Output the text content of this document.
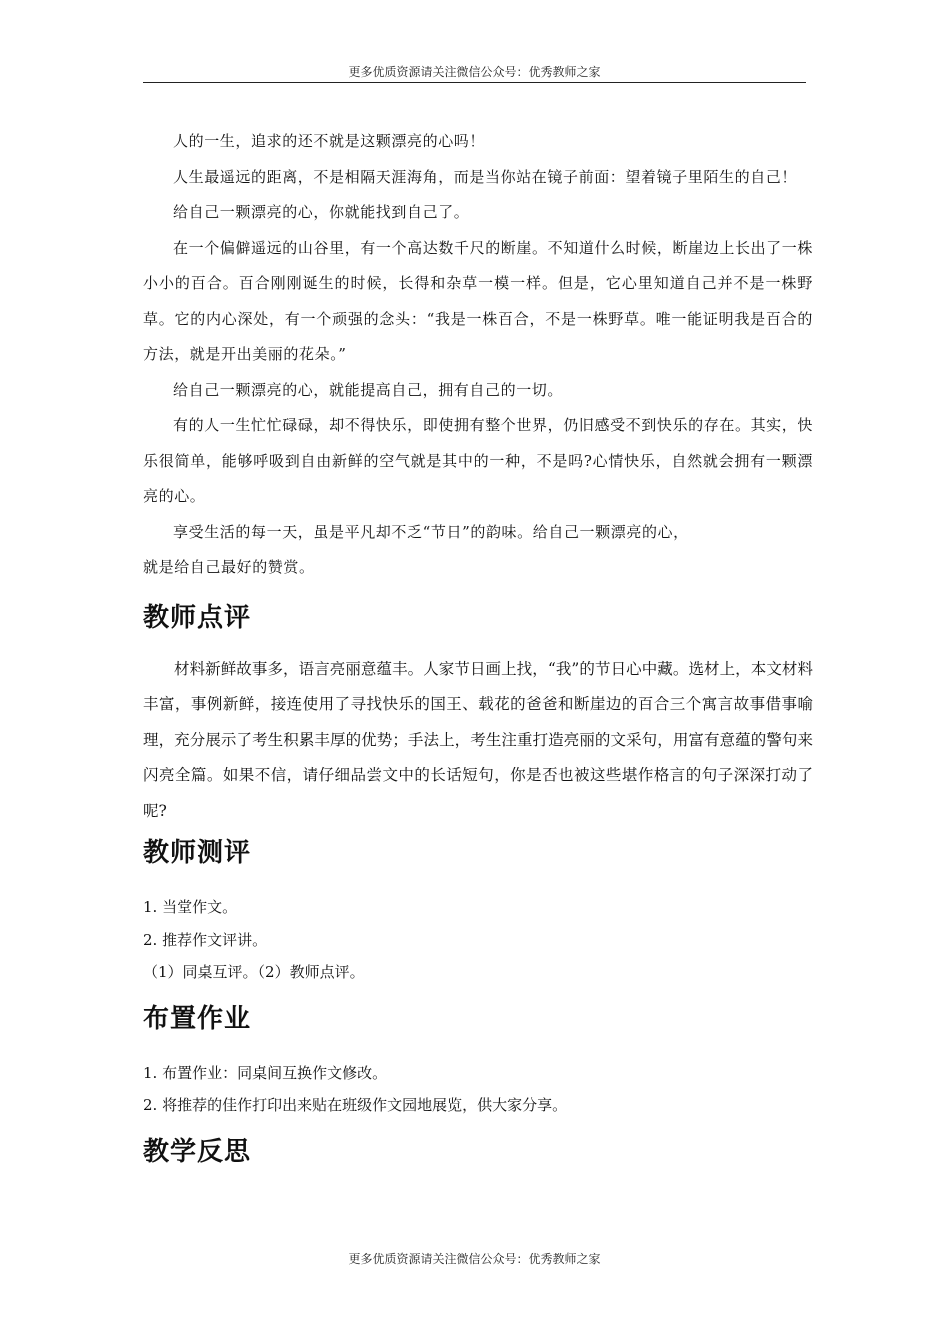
更多优质资源请关注微信公众号：优秀教师之家

人的一生，追求的还不就是这颗漂亮的心吗！

人生最遥远的距离，不是相隔天涯海角，而是当你站在镜子前面：望着镜子里陌生的自己！

给自己一颗漂亮的心，你就能找到自己了。

在一个偏僻遥远的山谷里，有一个高达数千尺的断崖。不知道什么时候，断崖边上长出了一株小小的百合。百合刚刚诞生的时候，长得和杂草一模一样。但是，它心里知道自己并不是一株野草。它的内心深处，有一个顽强的念头：“我是一株百合，不是一株野草。唯一能证明我是百合的方法，就是开出美丽的花朵。”

给自己一颗漂亮的心，就能提高自己，拥有自己的一切。

有的人一生忙忙碌碌，却不得快乐，即使拥有整个世界，仍旧感受不到快乐的存在。其实，快乐很简单，能够呼吸到自由新鲜的空气就是其中的一种，不是吗?心情快乐，自然就会拥有一颗漂亮的心。

享受生活的每一天，虽是平凡却不乏“节日”的韵味。给自己一颗漂亮的心，

就是给自己最好的赞赏。

教师点评

材料新鲜故事多，语言亮丽意蕴丰。人家节日画上找，“我”的节日心中藏。选材上，本文材料丰富，事例新鲜，接连使用了寻找快乐的国王、载花的爸爸和断崖边的百合三个寓言故事借事喻理，充分展示了考生积累丰厚的优势；手法上，考生注重打造亮丽的文采句，用富有意蕴的警句来闪亮全篇。如果不信，请仔细品尝文中的长话短句，你是否也被这些堪作格言的句子深深打动了呢?

教师测评
1. 当堂作文。
2. 推荐作文评讲。
（1）同桌互评。（2）教师点评。
布置作业
1. 布置作业：同桌间互换作文修改。
2. 将推荐的佳作打印出来贴在班级作文园地展览，供大家分享。
教学反思
更多优质资源请关注微信公众号：优秀教师之家
